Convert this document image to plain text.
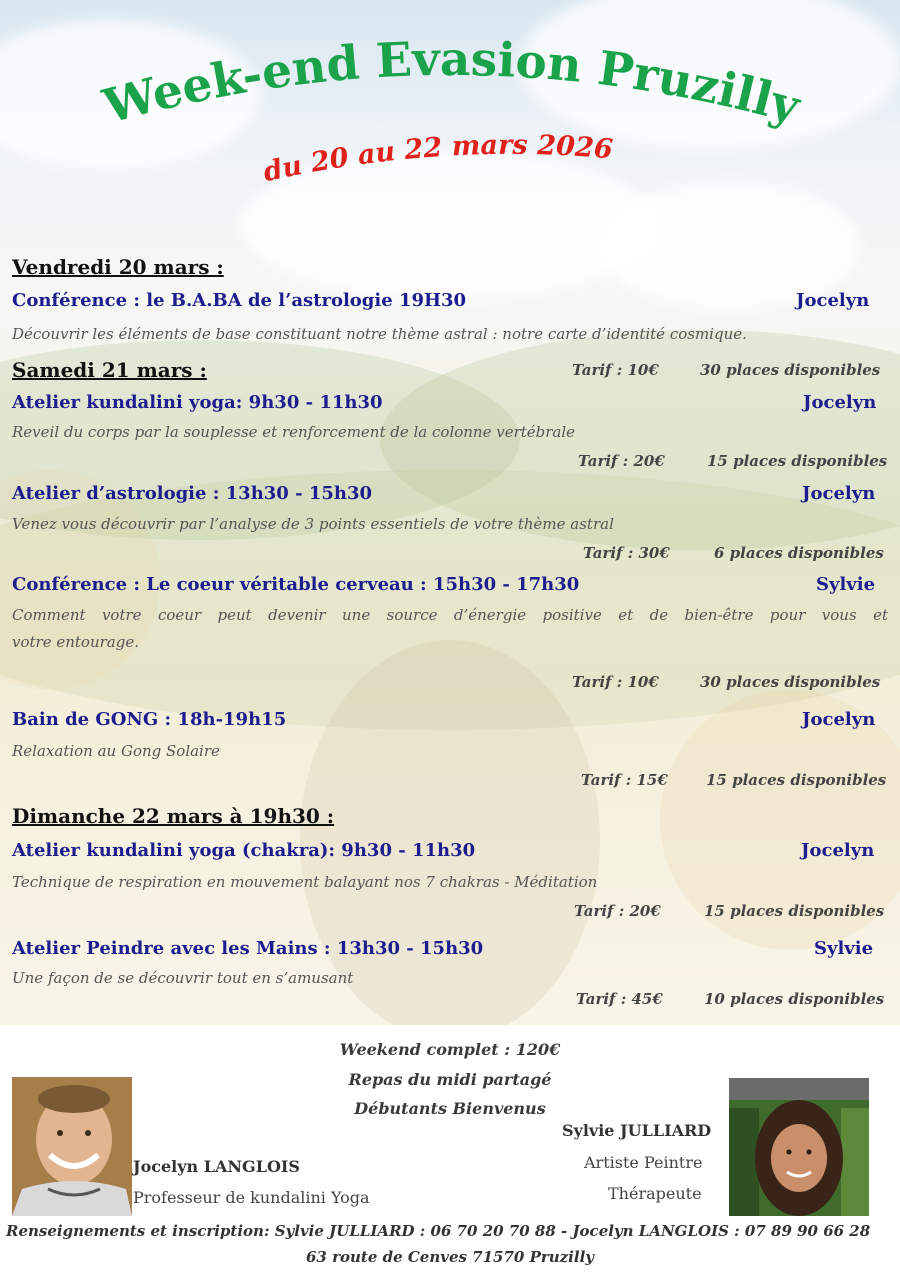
Week-end Evasion Pruzilly
du 20 au 22 mars 2026
Vendredi 20 mars :
Conférence : le B.A.BA de l’astrologie 19H30	Jocelyn
Découvrir les éléments de base constituant notre thème astral : notre carte d’identité cosmique.
Samedi 21 mars :	Tarif : 10€	30 places disponibles
Atelier kundalini yoga: 9h30 - 11h30	Jocelyn
Reveil du corps par la souplesse et renforcement de la colonne vertébrale
Tarif : 20€	15 places disponibles
Atelier d’astrologie : 13h30 - 15h30	Jocelyn
Venez vous découvrir par l’analyse de 3 points essentiels de votre thème astral
Tarif : 30€	6 places disponibles
Conférence : Le coeur véritable cerveau : 15h30 - 17h30	Sylvie
Comment votre coeur peut devenir une source d’énergie positive et de bien-être pour vous et
votre entourage.
Tarif : 10€	30 places disponibles
Bain de GONG : 18h-19h15	Jocelyn
Relaxation au Gong Solaire
Tarif : 15€	15 places disponibles
Dimanche 22 mars à 19h30 :
Atelier kundalini yoga (chakra): 9h30 - 11h30	Jocelyn
Technique de respiration en mouvement balayant nos 7 chakras - Méditation
Tarif : 20€	15 places disponibles
Atelier Peindre avec les Mains : 13h30 - 15h30	Sylvie
Une façon de se découvrir tout en s’amusant
Tarif : 45€	10 places disponibles
Weekend complet : 120€
Repas du midi partagé
Débutants Bienvenus
Jocelyn LANGLOIS
Professeur de kundalini Yoga
Sylvie JULLIARD
Artiste Peintre
Thérapeute
Renseignements et inscription: Sylvie JULLIARD : 06 70 20 70 88 - Jocelyn LANGLOIS : 07 89 90 66 28
63 route de Cenves 71570 Pruzilly
